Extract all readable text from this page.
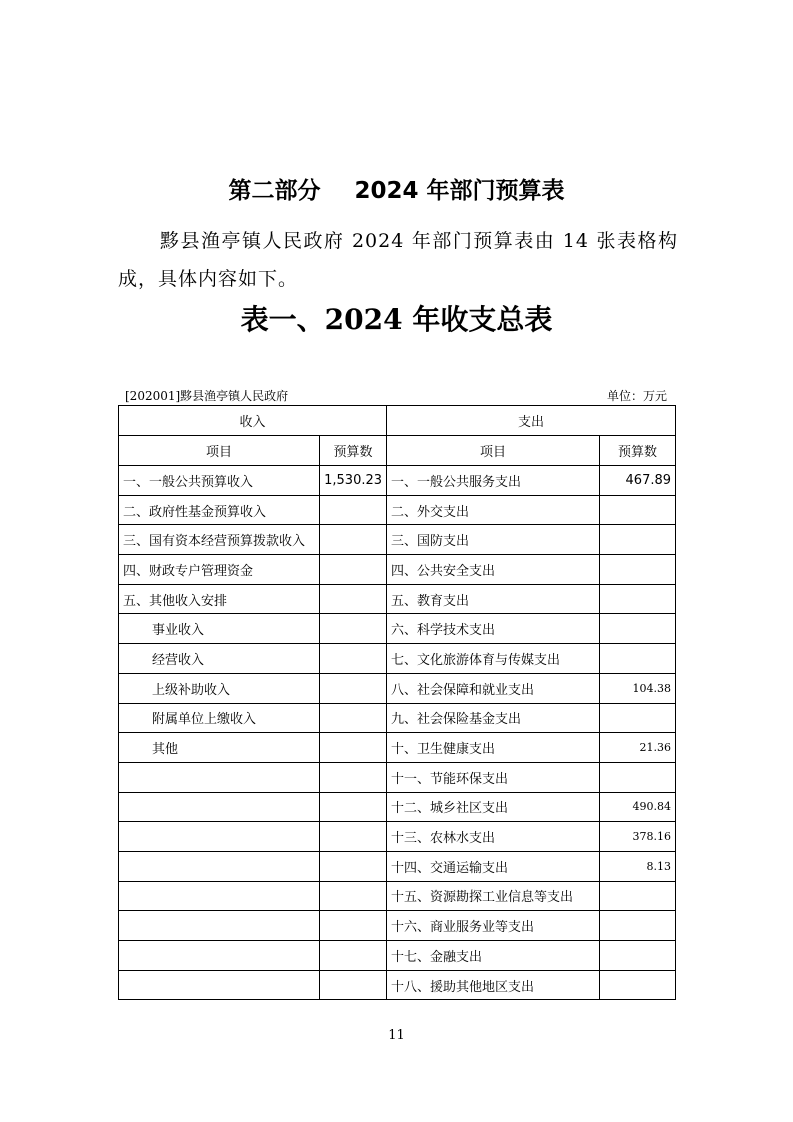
第二部分 2024 年部门预算表
黟县渔亭镇人民政府 2024 年部门预算表由 14 张表格构成，具体内容如下。
表一、2024 年收支总表
[202001]黟县渔亭镇人民政府	单位：万元
收入		支出	
项目	预算数	项目	预算数
一、一般公共预算收入	1,530.23	一、一般公共服务支出	467.89
二、政府性基金预算收入		二、外交支出	
三、国有资本经营预算拨款收入		三、国防支出	
四、财政专户管理资金		四、公共安全支出	
五、其他收入安排		五、教育支出	
事业收入		六、科学技术支出	
经营收入		七、文化旅游体育与传媒支出	
上级补助收入		八、社会保障和就业支出	104.38
附属单位上缴收入		九、社会保险基金支出	
其他		十、卫生健康支出	21.36
		十一、节能环保支出	
		十二、城乡社区支出	490.84
		十三、农林水支出	378.16
		十四、交通运输支出	8.13
		十五、资源勘探工业信息等支出	
		十六、商业服务业等支出	
		十七、金融支出	
		十八、援助其他地区支出	
11
